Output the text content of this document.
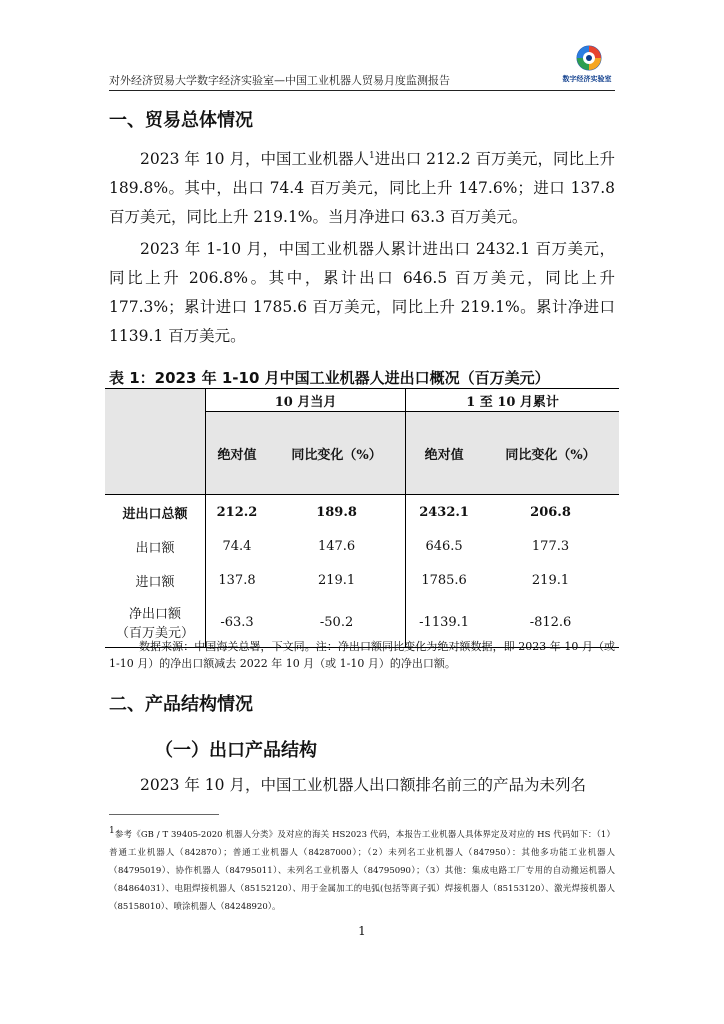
对外经济贸易大学数字经济实验室—中国工业机器人贸易月度监测报告	数字经济实验室
一、贸易总体情况
2023 年 10 月，中国工业机器人$^1$进出口 212.2 百万美元，同比上升 189.8%。其中，出口 74.4 百万美元，同比上升 147.6%；进口 137.8 百万美元，同比上升 219.1%。当月净进口 63.3 百万美元。
2023 年 1-10 月，中国工业机器人累计进出口 2432.1 百万美元，同比上升 206.8%。其中，累计出口 646.5 百万美元，同比上升 177.3%；累计进口 1785.6 百万美元，同比上升 219.1%。累计净进口 1139.1 百万美元。
表 1：2023 年 1-10 月中国工业机器人进出口概况（百万美元）
	10 月当月		1 至 10 月累计	
	绝对值	同比变化（%）	绝对值	同比变化（%）
进出口总额	212.2	189.8	2432.1	206.8
出口额	74.4	147.6	646.5	177.3
进口额	137.8	219.1	1785.6	219.1
净出口额
（百万美元）	-63.3	-50.2	-1139.1	-812.6
数据来源：中国海关总署，下文同。注：净出口额同比变化为绝对额数据，即 2023 年 10 月（或 1-10 月）的净出口额减去 2022 年 10 月（或 1-10 月）的净出口额。
二、产品结构情况
（一）出口产品结构
2023 年 10 月，中国工业机器人出口额排名前三的产品为未列名
$^1$参考《GB / T 39405-2020 机器人分类》及对应的海关 HS2023 代码，本报告工业机器人具体界定及对应的 HS 代码如下：（1）普通工业机器人（842870）；普通工业机器人（84287000）；（2）未列名工业机器人（847950）：其他多功能工业机器人（84795019）、协作机器人（84795011）、未列名工业机器人（84795090）；（3）其他：集成电路工厂专用的自动搬运机器人（84864031）、电阻焊接机器人（85152120）、用于金属加工的电弧(包括等离子弧）焊接机器人（85153120）、激光焊接机器人（85158010）、喷涂机器人（84248920）。
1
